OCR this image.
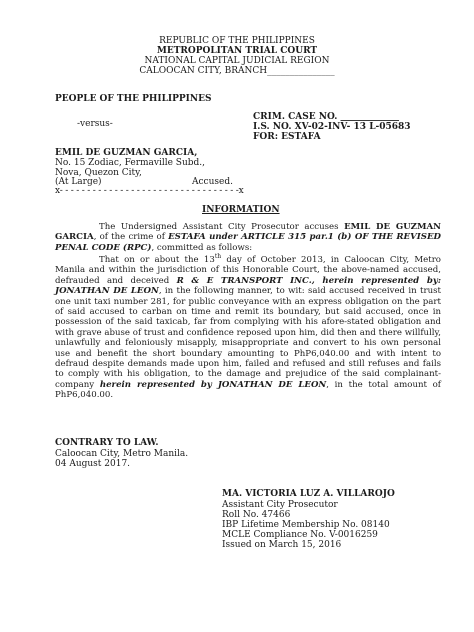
REPUBLIC OF THE PHILIPPINES
METROPOLITAN TRIAL COURT
NATIONAL CAPITAL JUDICIAL REGION
CALOOCAN CITY, BRANCH_______________
PEOPLE OF THE PHILIPPINES
CRIM. CASE NO. _____________
-versus-	I.S. NO. XV-02-INV- 13 L-05683
FOR: ESTAFA
EMIL DE GUZMAN GARCIA,
No. 15 Zodiac, Fermaville Subd.,
Nova, Quezon City,
(At Large)	Accused.
x- - - - - - - - - - - - - - - - - - - - - - - - - - - - - - - - -x
INFORMATION
The Undersigned Assistant City Prosecutor accuses EMIL DE GUZMAN GARCIA, of the crime of ESTAFA under ARTICLE 315 par.1 (b) OF THE REVISED PENAL CODE (RPC), committed as follows:
That on or about the 13th day of October 2013, in Caloocan City, Metro Manila and within the jurisdiction of this Honorable Court, the above-named accused, defrauded and deceived R & E TRANSPORT INC., herein represented by: JONATHAN DE LEON, in the following manner, to wit: said accused received in trust one unit taxi number 281, for public conveyance with an express obligation on the part of said accused to carban on time and remit its boundary, but said accused, once in possession of the said taxicab, far from complying with his afore-stated obligation and with grave abuse of trust and confidence reposed upon him, did then and there willfully, unlawfully and feloniously misapply, misappropriate and convert to his own personal use and benefit the short boundary amounting to PhP6,040.00 and with intent to defraud despite demands made upon him, failed and refused and still refuses and fails to comply with his obligation, to the damage and prejudice of the said complainant-company herein represented by JONATHAN DE LEON, in the total amount of PhP6,040.00.
CONTRARY TO LAW.
Caloocan City, Metro Manila.
04 August 2017.
MA. VICTORIA LUZ A. VILLAROJO
Assistant City Prosecutor
Roll No. 47466
IBP Lifetime Membership No. 08140
MCLE Compliance No. V-0016259
Issued on March 15, 2016
